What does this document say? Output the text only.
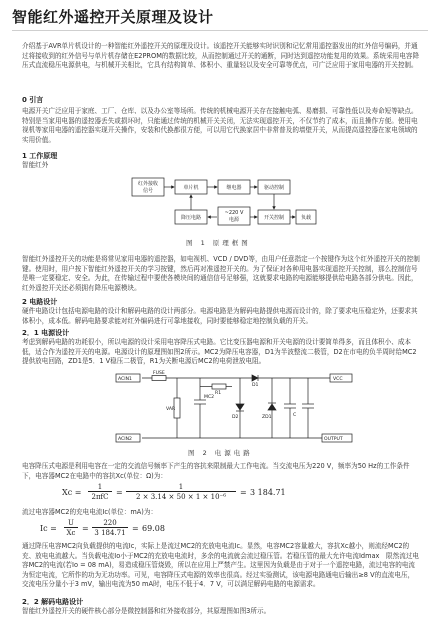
智能红外遥控开关原理及设计
介绍基于AVR单片机设计的一种智能红外遥控开关的原理及设计。该遥控开关能够实时识别和记忆常用遥控器发出的红外信号编码，并通过将接收到的红外信号与单片机存储在E2PROM的数据比较，从而控制通过开关的通断，同时达到遥控功能复用的效果。系统采用电容降压式直流稳压电源供电，与机械开关相比，它具有结构简单、体积小、重量轻以及安全可靠等优点，可广泛应用于家用电器的开关控制。
0 引言
电源开关广泛应用于家庭、工厂、仓库、以及办公室等场所。传统的机械电源开关存在接触电弧、易磨损、可靠性低以及寿命短等缺点。特别是当家用电器的遥控器丢失或损坏时，只能通过传统的机械开关关闭，无法实现遥控开关，不仅节约了成本，而且操作方便。使用电视机等家用电器的遥控器实现开关操作，安装和代换都很方便，可以用它代换家居中非常普及的墙壁开关，从而提高遥控器在家电领域的实用价值。
1 工作原理
智能红外
红外接收
信号	单片机	继电器	驱动控制
降压电路
~220 V
电源	开关控制	负载
图 1 原理框图
智能红外遥控开关的功能是将常见家用电器的遥控器，如电视机、VCD / DVD等，由用户任意指定一个按键作为这个红外遥控开关的控制键。使用时，用户按下智能红外遥控开关的学习按键，然后再对准遥控开关的。为了保证对各种用电器实现遥控开关控制，那么控制信号是唯一定要稳定、安全。为此，在传输过程中要使各模块间的通信信号足够强，这就要求电路的电源能够提供给电路各部分供电。因此，红外遥控开关还必须拥有降压电源模块。
2 电路设计
硬件电路设计包括电源电路的设计和解码电路的设计两部分。电源电路是为解码电路提供电源而设计的，除了要求电压稳定外，还要求其体积小，成本低。解码电路要求能对红外编码进行可靠地接收，同时要能够稳定地控制负载的开关。
2．1 电源设计
考虑到解码电路的功耗很小，所以电源的设计采用电容降压式电路。它比变压器电源和开关电源的设计要简单得多，而且体积小、成本低，适合作为遥控开关的电源。电源设计的原理图如图2所示。MC2为降压电容器，D1为半波整流二极管，D2在市电的负半周时给MC2提供放电回路，ZD1是5．1 V稳压二极管，R1为关断电源后MC2的电荷泄放电阻。
ACIN1
ACIN2
FUSE
VAR
MC2
R1
D2
D1
ZD1	C
VCC
OUTPUT
图 2 电源电路
电容降压式电源是利用电容在一定的交流信号频率下产生的容抗来限制最大工作电流。当交流电压为220 V，频率为50 Hz的工作条件下，电容器MC2在电路中的容抗Xc(单位：Ω)为：
Xc =
1
2πfC =
1
2 × 3.14 × 50 × 1 × 10⁻⁶	= 3 184.71
流过电容器MC2的充电电流Ic(单位：mA)为：
Ic =
U
Xc =
220
3 184.71 = 69.08
通过降压电容MC2向负载提供的电流Ic，实际上是流过MC2的充放电电流Ic。显然，电容MC2容量越大，容抗Xc越小，则流经MC2的充、放电电流越大。当负载电流Io小于MC2的充放电电流时，多余的电流就会流过稳压管。若稳压管的最大允许电流Idmax　限然流过电容MC2的电流(若Io = 08 mA)，易造成稳压管烧毁，所以在应用上严禁产生。这里因为负载是由于对于一个遥控电路，流过电容的电流为恒定电流，它所作的功为无功功率。可见，电容降压式电源的效率也很高。经过实验测试，该电源电路通电后输出≥8 V的直流电压，交流电压分量小于3 mV，输出电流为50 mA时，电压不低于4．7 V，可以满足解码电路的电源需求。
2．2 解码电路设计
智能红外遥控开关的硬件核心部分是微控制器和红外接收部分，其原理图如图3所示。
